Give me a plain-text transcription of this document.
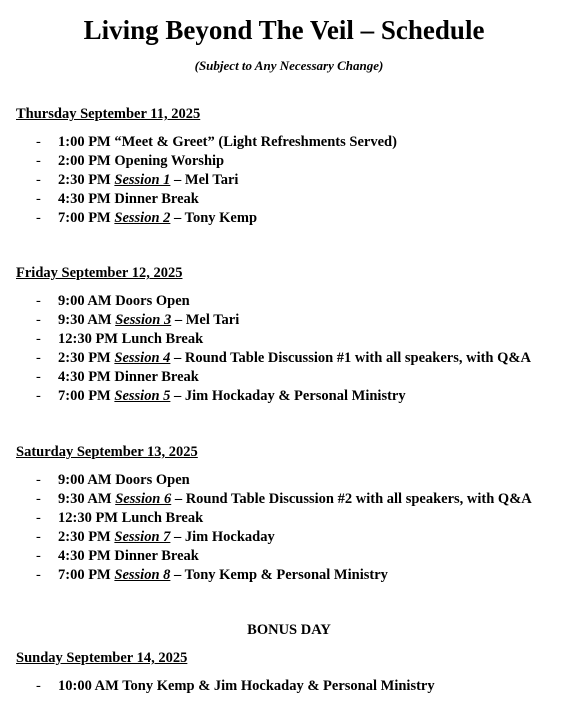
Living Beyond The Veil – Schedule
(Subject to Any Necessary Change)
Thursday September 11, 2025
- 1:00 PM “Meet & Greet” (Light Refreshments Served)
- 2:00 PM Opening Worship
- 2:30 PM Session 1 – Mel Tari
- 4:30 PM Dinner Break
- 7:00 PM Session 2 – Tony Kemp
Friday September 12, 2025
- 9:00 AM Doors Open
- 9:30 AM Session 3 – Mel Tari
- 12:30 PM Lunch Break
- 2:30 PM Session 4 – Round Table Discussion #1 with all speakers, with Q&A
- 4:30 PM Dinner Break
- 7:00 PM Session 5 – Jim Hockaday & Personal Ministry
Saturday September 13, 2025
- 9:00 AM Doors Open
- 9:30 AM Session 6 – Round Table Discussion #2 with all speakers, with Q&A
- 12:30 PM Lunch Break
- 2:30 PM Session 7 – Jim Hockaday
- 4:30 PM Dinner Break
- 7:00 PM Session 8 – Tony Kemp & Personal Ministry
BONUS DAY
Sunday September 14, 2025
- 10:00 AM Tony Kemp & Jim Hockaday & Personal Ministry
